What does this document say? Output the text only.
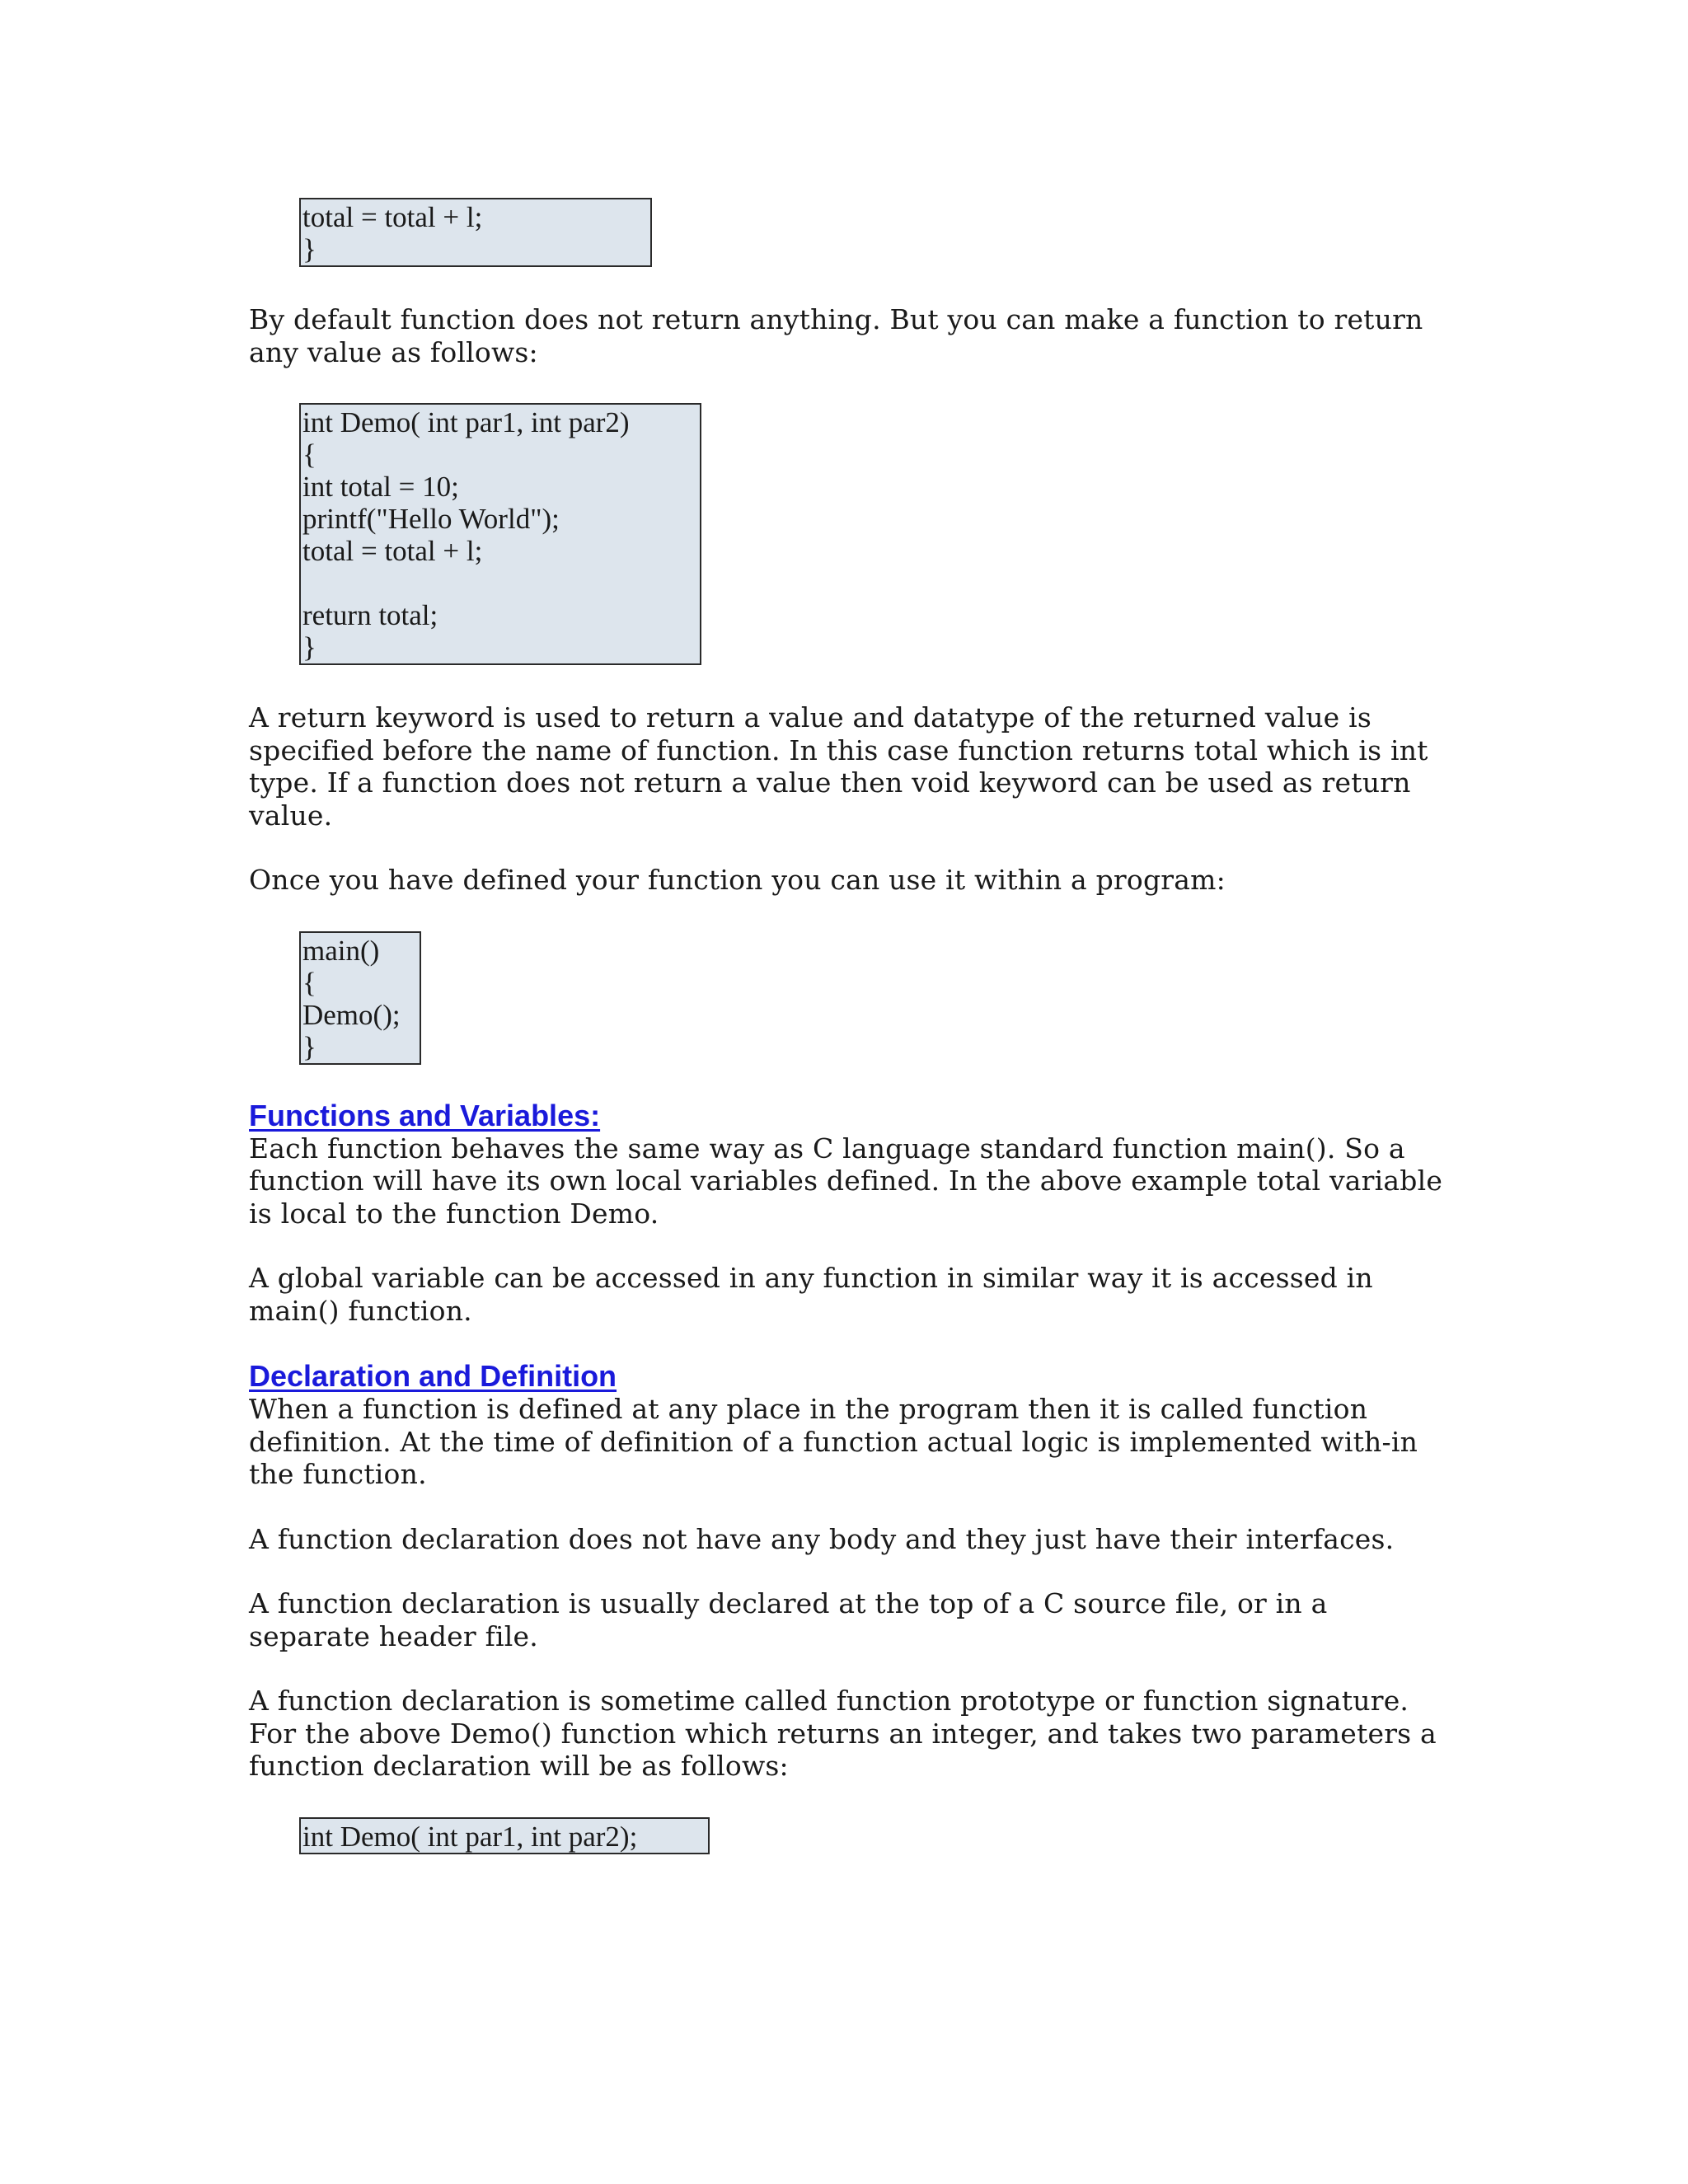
total = total + l;
}

By default function does not return anything. But you can make a function to return any value as follows:

int Demo( int par1, int par2)
{
int total = 10;
printf("Hello World");
total = total + l;
return total;
}

A return keyword is used to return a value and datatype of the returned value is specified before the name of function. In this case function returns total which is int type. If a function does not return a value then void keyword can be used as return value.

Once you have defined your function you can use it within a program:

main()
{
Demo();
}
Functions and Variables:

Each function behaves the same way as C language standard function main(). So a function will have its own local variables defined. In the above example total variable is local to the function Demo.

A global variable can be accessed in any function in similar way it is accessed in main() function.

Declaration and Definition

When a function is defined at any place in the program then it is called function definition. At the time of definition of a function actual logic is implemented with-in the function.

A function declaration does not have any body and they just have their interfaces.

A function declaration is usually declared at the top of a C source file, or in a separate header file.

A function declaration is sometime called function prototype or function signature. For the above Demo() function which returns an integer, and takes two parameters a function declaration will be as follows:

int Demo( int par1, int par2);
